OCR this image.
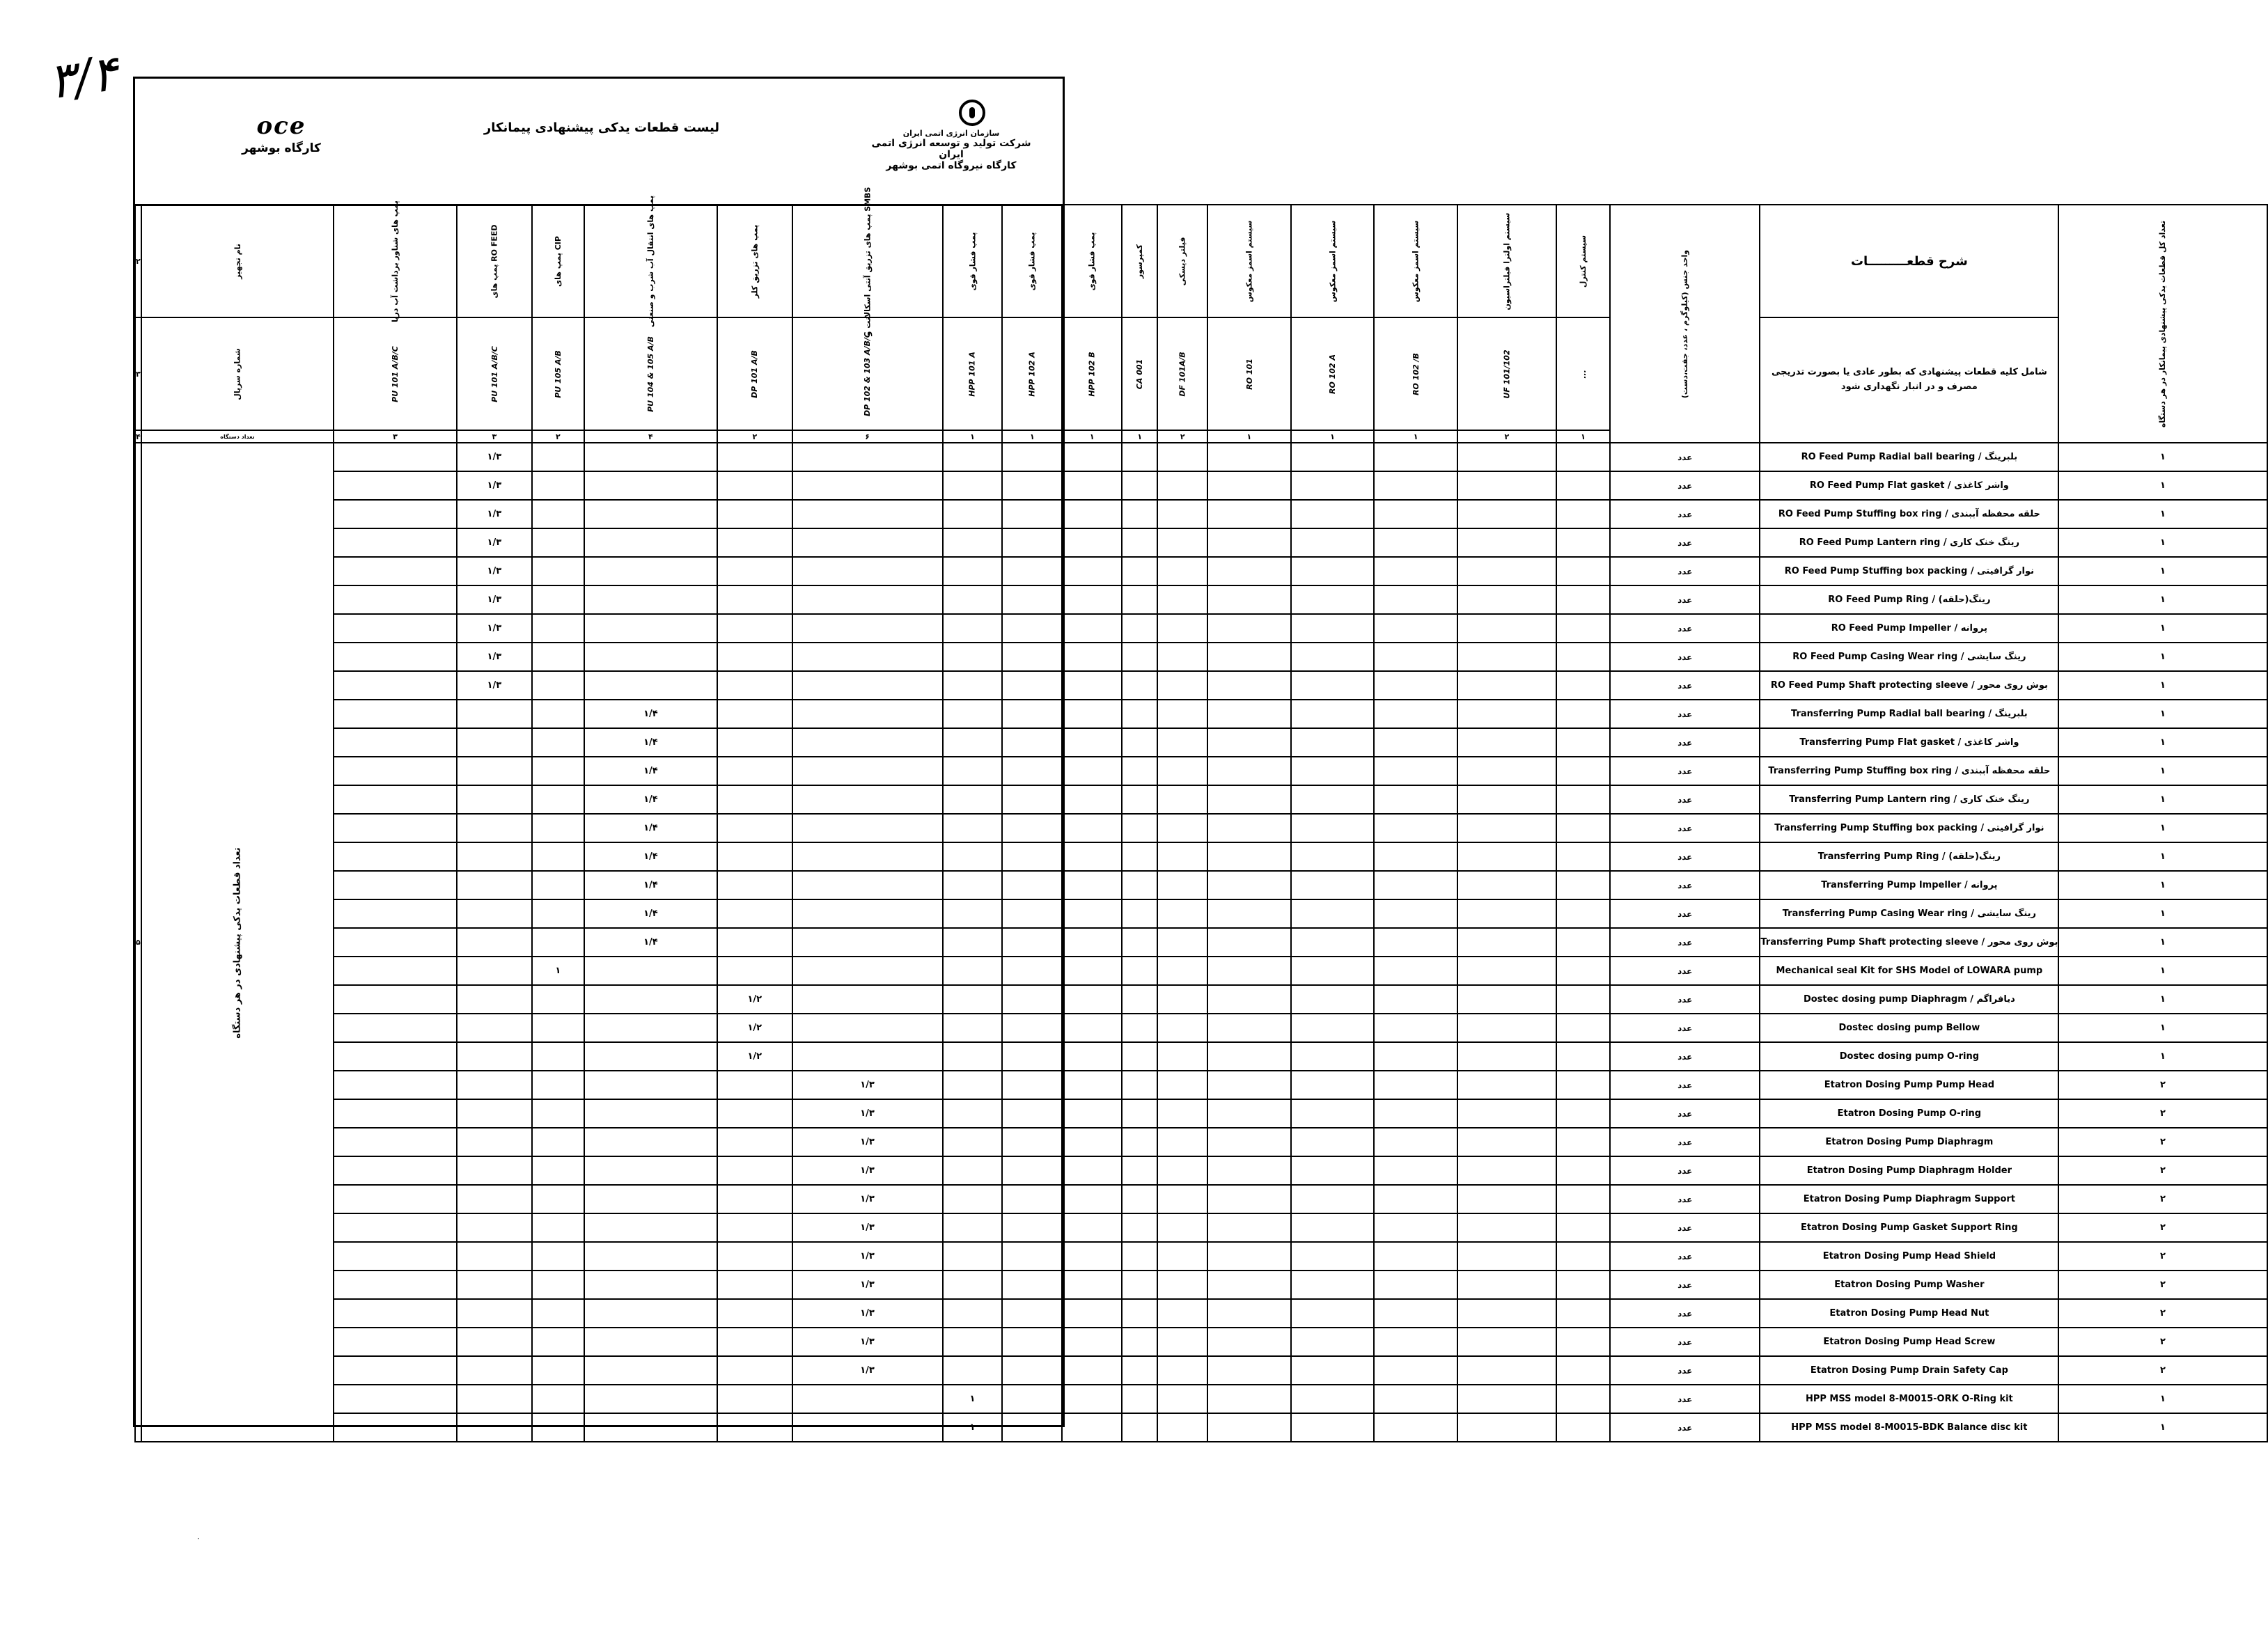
۳/۴
oce
کارگاه بوشهر
لیست قطعات یدکی پیشنهادی پیمانکار	سازمان انرژی اتمی ایران
شرکت تولید و توسعه انرژی اتمی ایران
کارگاه نیروگاه اتمی بوشهر
۲	نام تجهیز	پمپ های شناور برداشت آب دریا	پمپ های RO FEED	پمپ های CIP	پمپ های انتقال آب شرب و صنعتی	پمپ های تزریق کلر	پمپ های تزریق آنتی اسکالانت و SMBS	پمپ فشار قوی	پمپ فشار قوی	پمپ فشار قوی	کمپرسور	فیلتر دیسکی	سیستم اسمز معکوس	سیستم اسمز معکوس	سیستم اسمز معکوس	سیستم اولترا فیلتراسیون	سیستم کنترل	واحد جنس (کیلوگرم ، عدد، جفت،دست)	شرح قطعـــــــــات	تعداد کل قطعات یدکی پیشنهادی پیمانکار در هر دستگاه
۳	شماره سریال	PU 101 A/B/C	PU 101 A/B/C	PU 105 A/B	PU 104 & 105 A/B	DP 101 A/B	DP 102 & 103 A/B/C	HPP 101 A	HPP 102 A	HPP 102 B	CA 001	DF 101A/B	RO 101	RO 102 A	RO 102 /B	UF 101/102	...		شامل کلیه قطعات پیشنهادی که بطور عادی یا بصورت تدریجی مصرف و در انبار نگهداری شود	
۴	تعداد دستگاه	۳	۳	۲	۴	۲	۶	۱	۱	۱	۱	۲	۱	۱	۱	۲	۱			
۵	تعداد قطعات یدکی پیشنهادی در هر دستگاه		۱/۳															عدد	RO Feed Pump Radial ball bearing / بلبرینگ	۱
			۱/۳															عدد	RO Feed Pump Flat gasket / واشر کاغذی	۱
			۱/۳															عدد	RO Feed Pump Stuffing box ring / حلقه محفظه آببندی	۱
			۱/۳															عدد	RO Feed Pump Lantern ring / رینگ خنک کاری	۱
			۱/۳															عدد	RO Feed Pump Stuffing box packing / نوار گرافیتی	۱
			۱/۳															عدد	RO Feed Pump Ring / (حلقه)رینگ	۱
			۱/۳															عدد	RO Feed Pump Impeller / پروانه	۱
			۱/۳															عدد	RO Feed Pump Casing Wear ring / رینگ سایشی	۱
			۱/۳															عدد	RO Feed Pump Shaft protecting sleeve / بوش روی محور	۱
					۱/۴													عدد	Transferring Pump Radial ball bearing / بلبرینگ	۱
					۱/۴													عدد	Transferring Pump Flat gasket / واشر کاغذی	۱
					۱/۴													عدد	Transferring Pump Stuffing box ring / حلقه محفظه آببندی	۱
					۱/۴													عدد	Transferring Pump Lantern ring / رینگ خنک کاری	۱
					۱/۴													عدد	Transferring Pump Stuffing box packing / نوار گرافیتی	۱
					۱/۴													عدد	Transferring Pump Ring / (حلقه)رینگ	۱
					۱/۴													عدد	Transferring Pump Impeller / پروانه	۱
					۱/۴													عدد	Transferring Pump Casing Wear ring / رینگ سایشی	۱
					۱/۴													عدد	Transferring Pump Shaft protecting sleeve / بوش روی محور	۱
				۱														عدد	Mechanical seal Kit for SHS Model of LOWARA pump	۱
						۱/۲												عدد	Dostec dosing pump Diaphragm / دیافراگم	۱
						۱/۲												عدد	Dostec dosing pump Bellow	۱
						۱/۲												عدد	Dostec dosing pump O-ring	۱
							۱/۳											عدد	Etatron Dosing Pump Pump Head	۲
							۱/۳											عدد	Etatron Dosing Pump O-ring	۲
							۱/۳											عدد	Etatron Dosing Pump Diaphragm	۲
							۱/۳											عدد	Etatron Dosing Pump Diaphragm Holder	۲
							۱/۳											عدد	Etatron Dosing Pump Diaphragm Support	۲
							۱/۳											عدد	Etatron Dosing Pump Gasket Support Ring	۲
							۱/۳											عدد	Etatron Dosing Pump Head Shield	۲
							۱/۳											عدد	Etatron Dosing Pump Washer	۲
							۱/۳											عدد	Etatron Dosing Pump Head Nut	۲
							۱/۳											عدد	Etatron Dosing Pump Head Screw	۲
							۱/۳											عدد	Etatron Dosing Pump Drain Safety Cap	۲
								۱										عدد	HPP MSS model 8-M0015-ORK O-Ring kit	۱
								۱										عدد	HPP MSS model 8-M0015-BDK Balance disc kit	۱
.
